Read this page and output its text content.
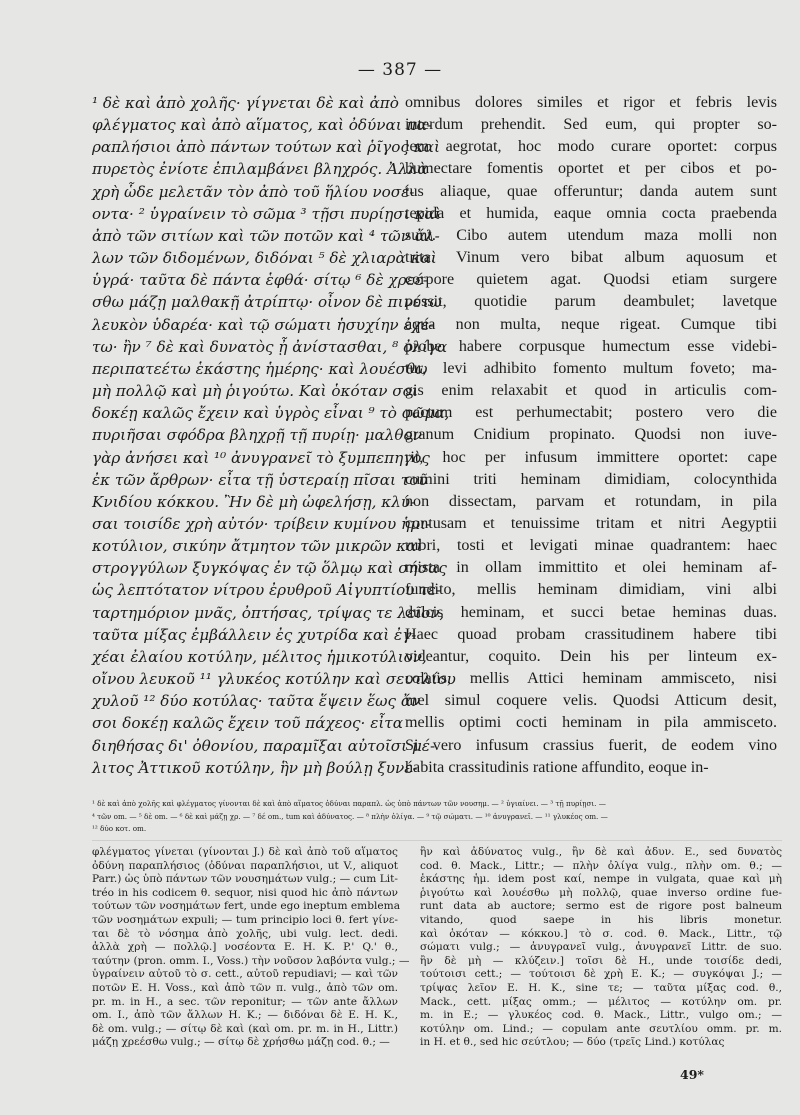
— 387 —
¹ δὲ καὶ ἀπὸ χολῆς· γίγνεται δὲ καὶ ἀπὸ
φλέγματος καὶ ἀπὸ αἵματος, καὶ ὀδύναι πα-
ραπλήσιοι ἀπὸ πάντων τούτων καὶ ῥῖγος καὶ
πυρετὸς ἐνίοτε ἐπιλαμβάνει βληχρός. Ἀλλὰ
χρὴ ὧδε μελετᾶν τὸν ἀπὸ τοῦ ἥλίου νοσέ-
οντα· ² ὑγραίνειν τὸ σῶμα ³ τῇσι πυρίῃσι καὶ
ἀπὸ τῶν σιτίων καὶ τῶν ποτῶν καὶ ⁴ τῶν ἄλ-
λων τῶν διδομένων, διδόναι ⁵ δὲ χλιαρὰ καὶ
ὑγρά· ταῦτα δὲ πάντα ἑφθά· σίτῳ ⁶ δὲ χρεέ-
σθω μάζῃ μαλθακῇ ἀτρίπτῳ· οἶνον δὲ πινέτω
λευκὸν ὑδαρέα· καὶ τῷ σώματι ἡσυχίην ἐχέ-
τω· ἢν ⁷ δὲ καὶ δυνατὸς ᾖ ἀνίστασθαι, ⁸ ὀλίγα
περιπατεέτω ἑκάστης ἡμέρης· καὶ λουέσθω
μὴ πολλῷ καὶ μὴ ῥιγούτω. Καὶ ὁκόταν σοι
δοκέῃ καλῶς ἔχειν καὶ ὑγρὸς εἶναι ⁹ τὸ σῶμα,
πυριῆσαι σφόδρα βληχρῇ τῇ πυρίῃ· μαλθον
γὰρ ἀνήσει καὶ ¹⁰ ἀνυγρανεῖ τὸ ξυμπεπηγὸς
ἐκ τῶν ἄρθρων· εἶτα τῇ ὑστεραίῃ πῖσαι τοῦ
Κνιδίου κόκκου. Ἢν δὲ μὴ ὠφελήσῃ, κλύ-
σαι τοισίδε χρὴ αὐτόν· τρίβειν κυμίνου ἡμι-
κοτύλιον, σικύην ἄτμητον τῶν μικρῶν καὶ
στρογγύλων ξυγκόψας ἐν τῷ ὅλμῳ καὶ σήσας
ὡς λεπτότατον νίτρου ἐρυθροῦ Αἰγυπτίου τε-
ταρτημόριον μνᾶς, ὀπτήσας, τρίψας τε λεῖον,
ταῦτα μίξας ἐμβάλλειν ἐς χυτρίδα καὶ ἐγ-
χέαι ἐλαίου κοτύλην, μέλιτος ἡμικοτύλιον,
οἴνου λευκοῦ ¹¹ γλυκέος κοτύλην καὶ σευτλίου
χυλοῦ ¹² δύο κοτύλας· ταῦτα ἕψειν ἕως ἄν
σοι δοκέῃ καλῶς ἔχειν τοῦ πάχεος· εἶτα
διηθήσας δι' ὀθονίου, παραμῖξαι αὐτοῖσι μέ-
λιτος Ἀττικοῦ κοτύλην, ἣν μὴ βούλῃ ξυνέ-
omnibus dolores similes et rigor et febris levis
interdum prehendit. Sed eum, qui propter so-
lem aegrotat, hoc modo curare oportet: corpus
humectare fomentis oportet et per cibos et po-
tus aliaque, quae offeruntur; danda autem sunt
tepida et humida, eaque omnia cocta praebenda
sunt. Cibo autem utendum maza molli non
trita. Vinum vero bibat album aquosum et
corpore quietem agat. Quodsi etiam surgere
possit, quotidie parum deambulet; lavetque
aqua non multa, neque rigeat. Cumque tibi
probe habere corpusque humectum esse videbi-
tur, levi adhibito fomento multum foveto; ma-
gis enim relaxabit et quod in articulis com-
pactum est perhumectabit; postero vero die
granum Cnidium propinato. Quodsi non iuve-
rit, hoc per infusum immittere oportet: cape
cumini triti heminam dimidiam, colocynthida
non dissectam, parvam et rotundam, in pila
contusam et tenuissime tritam et nitri Aegyptii
rubri, tosti et levigati minae quadrantem: haec
mista in ollam immittito et olei heminam af-
fundito, mellis heminam dimidiam, vini albi
dulcis heminam, et succi betae heminas duas.
Haec quoad probam crassitudinem habere tibi
videantur, coquito. Dein his per linteum ex-
colatis, mellis Attici heminam ammisceto, nisi
mel simul coquere velis. Quodsi Atticum desit,
mellis optimi cocti heminam in pila ammisceto.
Si vero infusum crassius fuerit, de eodem vino
habita crassitudinis ratione affundito, eoque in-
¹ δὲ καὶ ἀπὸ χολῆς καὶ φλέγματος γίνονται δὲ καὶ ἀπὸ αἵματος ὀδύναι παραπλ. ὡς ὑπὸ πάντων τῶν νουσημ. — ² ὑγιαίνει. — ³ τῇ πυρίῃσι. —
⁴ τῶν om. — ⁵ δὲ om. — ⁶ δὲ καὶ μάζῃ χρ. — ⁷ δέ om., tum καὶ ἀδύνατος. — ⁸ πλὴν ὀλίγα. — ⁹ τῷ σώματι. — ¹⁰ ἀνυγρανεῖ. — ¹¹ γλυκέος om. —
¹² δύο κοτ. om.
φλέγματος γίνεται (γίνονται J.) δὲ καὶ ἀπὸ τοῦ αἵματος
ὀδύνη παραπλήσιος (ὀδύναι παραπλήσιοι, ut V., aliquot
Parr.) ὡς ὑπὸ πάντων τῶν νουσημάτων vulg.; — cum Lit-
tréo in his codicem θ. sequor, nisi quod hic ἀπὸ πάντων
τούτων τῶν νοσημάτων fert, unde ego ineptum emblema
τῶν νοσημάτων expuli; — tum principio loci θ. fert γίνε-
ται δὲ τὸ νόσημα ἀπὸ χολῆς, ubi vulg. lect. dedi.
ἀλλὰ χρὴ — πολλῷ.] νοσέοντα E. H. K. P.' Q.' θ.,
ταύτην (pron. omm. I., Voss.) τὴν νοῦσον λαβόντα vulg.; —
ὑγραίνειν αὐτοῦ τὸ σ. cett., αὐτοῦ repudiavi; — καὶ τῶν
ποτῶν E. H. Voss., καὶ ἀπὸ τῶν π. vulg., ἀπὸ τῶν om.
pr. m. in H., a sec. τῶν reponitur; — τῶν ante ἄλλων
om. I., ἀπὸ τῶν ἄλλων H. K.; — διδόναι δὲ E. H. K.,
δὲ om. vulg.; — σίτῳ δὲ καὶ (καὶ om. pr. m. in H., Littr.)
μάζῃ χρεέσθω vulg.; — σίτῳ δὲ χρήσθω μάζῃ cod. θ.; —
ἢν καὶ ἀδύνατος vulg., ἢν δὲ καὶ ἀδυν. E., sed δυνατὸς
cod. θ. Mack., Littr.; — πλὴν ὀλίγα vulg., πλὴν om. θ.; —
ἑκάστης ἡμ. idem post καί, nempe in vulgata, quae καὶ μὴ
ῥιγούτω καὶ λουέσθω μὴ πολλῷ, quae inverso ordine fue-
runt data ab auctore; sermo est de rigore post balneum
vitando, quod saepe in his libris monetur.
καὶ ὁκόταν — κόκκου.] τὸ σ. cod. θ. Mack., Littr., τῷ
σώματι vulg.; — ἀνυγρανεῖ vulg., ἀνυγρανεῖ Littr. de suo.
ἢν δὲ μὴ — κλύζειν.] τοῖσι δὲ H., unde τοισίδε dedi,
τούτοισι cett.; — τούτοισι δὲ χρὴ E. K.; — συγκόψαι J.; —
τρίψας λεῖον E. H. K., sine τε; — ταῦτα μίξας cod. θ.,
Mack., cett. μίξας omm.; — μέλιτος — κοτύλην om. pr.
m. in E.; — γλυκέος cod. θ. Mack., Littr., vulgo om.; —
κοτύλην om. Lind.; — copulam ante σευτλίου omm. pr. m.
in H. et θ., sed hic σεύτλου; — δύο (τρεῖς Lind.) κοτύλας
49*
